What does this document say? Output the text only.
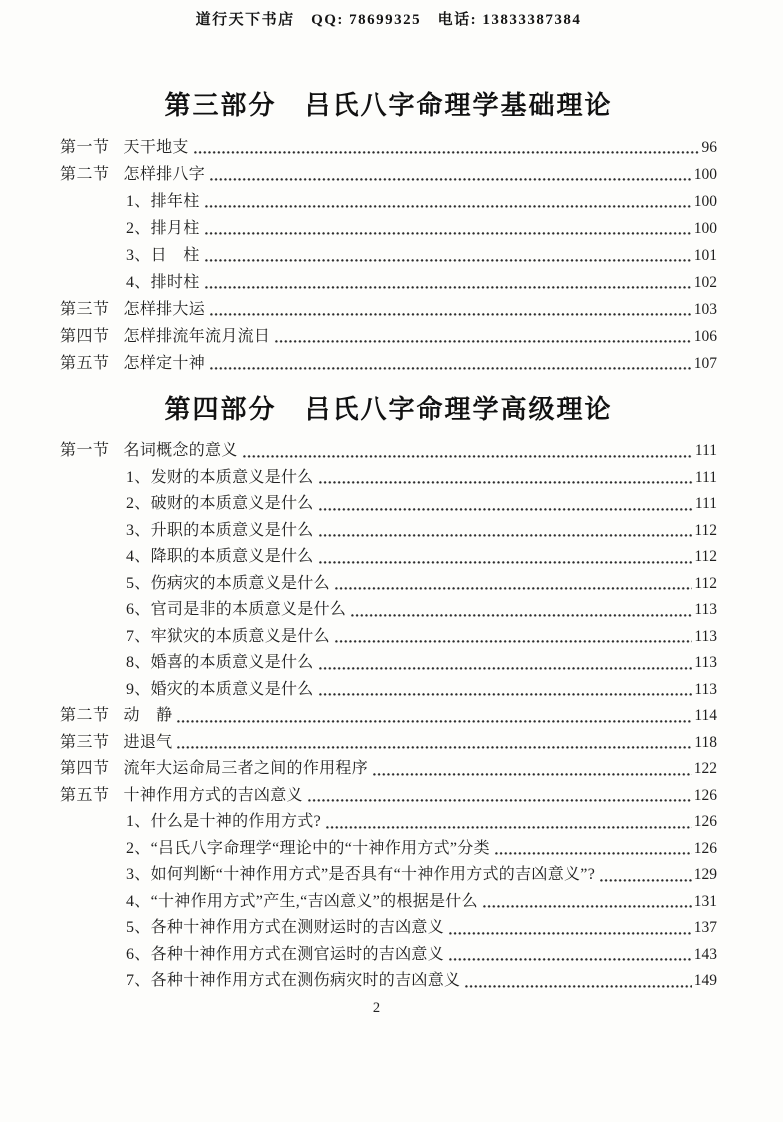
道行天下书店　QQ: 78699325　电话: 13833387384
第三部分　吕氏八字命理学基础理论
第一节 天干地支	96
第二节 怎样排八字	100
1、排年柱	100
2、排月柱	100
3、日　柱	101
4、排时柱	102
第三节 怎样排大运	103
第四节 怎样排流年流月流日	106
第五节 怎样定十神	107
第四部分　吕氏八字命理学高级理论
第一节 名词概念的意义	111
1、发财的本质意义是什么	111
2、破财的本质意义是什么	111
3、升职的本质意义是什么	112
4、降职的本质意义是什么	112
5、伤病灾的本质意义是什么	112
6、官司是非的本质意义是什么	113
7、牢狱灾的本质意义是什么	113
8、婚喜的本质意义是什么	113
9、婚灾的本质意义是什么	113
第二节 动　静	114
第三节 进退气	118
第四节 流年大运命局三者之间的作用程序	122
第五节 十神作用方式的吉凶意义	126
1、什么是十神的作用方式?	126
2、“吕氏八字命理学“理论中的“十神作用方式”分类	126
3、如何判断“十神作用方式”是否具有“十神作用方式的吉凶意义”?	129
4、“十神作用方式”产生,“吉凶意义”的根据是什么	131
5、各种十神作用方式在测财运时的吉凶意义	137
6、各种十神作用方式在测官运时的吉凶意义	143
7、各种十神作用方式在测伤病灾时的吉凶意义	149
2
